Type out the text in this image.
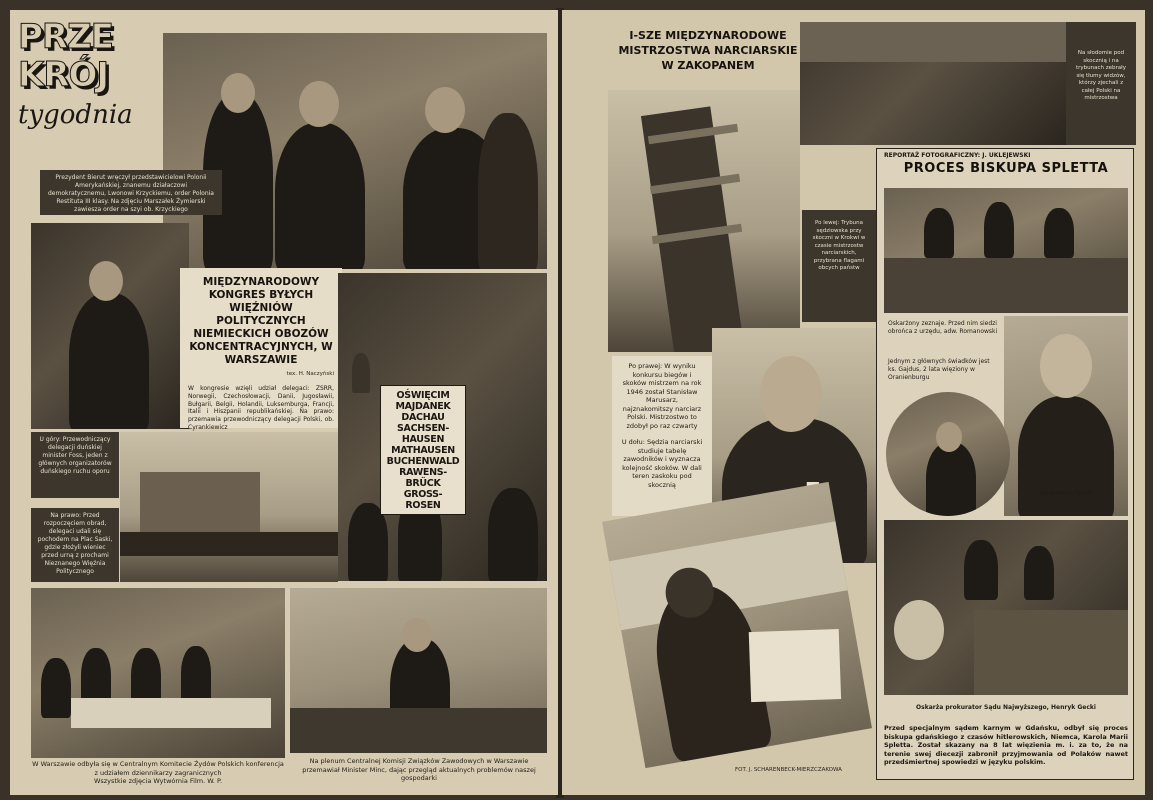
PRZE
KRÓJ
tygodnia
Prezydent Bierut wręczył przedstawicielowi Polonii Amerykańskiej, znanemu działaczowi demokratycznemu, Lwonowi Krzyckiemu, order Polonia Restituta III klasy. Na zdjęciu Marszałek Żymierski zawiesza order na szyi ob. Krzyckiego
MIĘDZYNARODOWY KONGRES BYŁYCH WIĘŹNIÓW POLITYCZNYCH NIEMIECKICH OBOZÓW KONCENTRACYJNYCH, W WARSZAWIE
tex. H. Naczyński
W kongresie wzięli udział delegaci: ZSRR, Norwegii, Czechosłowacji, Danii, Jugosławii, Bułgarii, Belgii, Holandii, Luksemburga, Francji, Italii i Hiszpanii republikańskiej. Na prawo: przemawia przewodniczący delegacji Polski, ob. Cyrankiewicz
OŚWIĘCIM
MAJDANEK
DACHAU
SACHSEN-
HAUSEN
MATHAUSEN
BUCHENWALD
RAWENS-
BRÜCK
GROSS-
ROSEN
U góry: Przewodniczący delegacji duńskiej minister Foss, jeden z głównych organizatorów duńskiego ruchu oporu
Na prawo: Przed rozpoczęciem obrad, delegaci udali się pochodem na Plac Saski, gdzie złożyli wieniec przed urną z prochami Nieznanego Więźnia Politycznego
W Warszawie odbyła się w Centralnym Komitecie Żydów Polskich konferencja z udziałem dziennikarzy zagranicznych
Wszystkie zdjęcia Wytwórnia Film. W. P.
Na plenum Centralnej Komisji Związków Zawodowych w Warszawie przemawiał Minister Minc, dając przegląd aktualnych problemów naszej gospodarki
I-SZE MIĘDZYNARODOWE MISTRZOSTWA NARCIARSKIE W ZAKOPANEM
Na słodomie pod skocznią i na trybunach zebrały się tłumy widzów, którzy zjechali z całej Polski na mistrzostwa
Po lewej: Trybuna sędziowska przy skoczni w Krokwi w czasie mistrzostw narciarskich, przybrana flagami obcych państw
Po prawej: W wyniku konkursu biegów i skoków mistrzem na rok 1946 został Stanisław Marusarz, najznakomitszy narciarz Polski. Mistrzostwo to zdobył po raz czwarty
U dołu: Sędzia narciarski studiuje tabelę zawodników i wyznacza kolejność skoków. W dali teren zaskoku pod skocznią
FOT. J. SCHARENBECK-MIERZCZAKOWA
REPORTAŻ FOTOGRAFICZNY: J. UKLEJEWSKI
PROCES BISKUPA SPLETTA
Oskarżony zeznaje. Przed nim siedzi obrońca z urzędu, adw. Romanowski
Jednym z głównych świadków jest ks. Gajdus, 2 lata więziony w Oranienburgu
Karol Maria Splett
Oskarża prokurator Sądu Najwyższego, Henryk Gecki
Przed specjalnym sądem karnym w Gdańsku, odbył się proces biskupa gdańskiego z czasów hitlerowskich, Niemca, Karola Marii Spletta. Został skazany na 8 lat więzienia m. i. za to, że na terenie swej diecezji zabronił przyjmowania od Polaków nawet przedśmiertnej spowiedzi w języku polskim.
